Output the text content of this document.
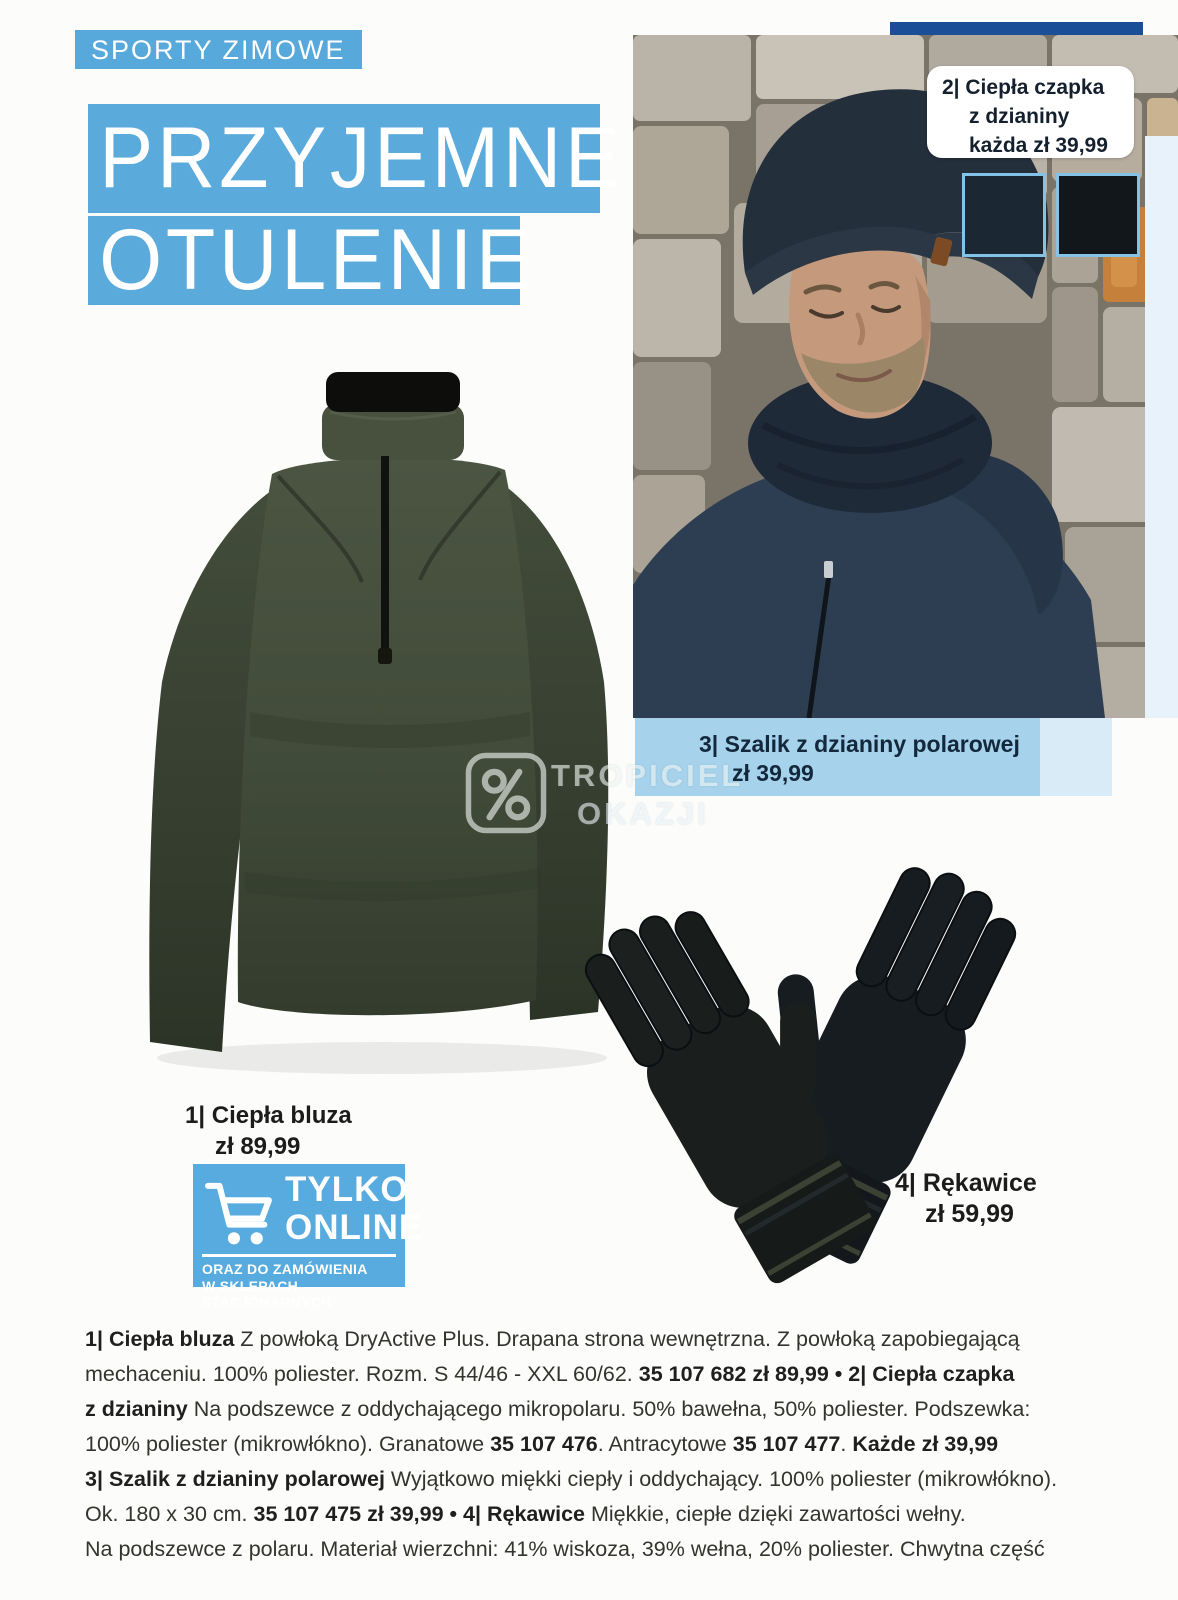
SPORTY ZIMOWE
PRZYJEMNE
OTULENIE
2| Ciepła czapka
z dzianiny
każda zł 39,99
3| Szalik z dzianiny polarowej
zł 39,99
TROPICIEL
OKAZJI
1| Ciepła bluza
zł 89,99
TYLKO
ONLINE
ORAZ DO ZAMÓWIENIA
W SKLEPACH STACJONARNYCH
4| Rękawice
zł 59,99
1| Ciepła bluza Z powłoką DryActive Plus. Drapana strona wewnętrzna. Z powłoką zapobiegającą
mechaceniu. 100% poliester. Rozm. S 44/46 - XXL 60/62. 35 107 682 zł 89,99 • 2| Ciepła czapka
z dzianiny Na podszewce z oddychającego mikropolaru. 50% bawełna, 50% poliester. Podszewka:
100% poliester (mikrowłókno). Granatowe 35 107 476. Antracytowe 35 107 477. Każde zł 39,99
3| Szalik z dzianiny polarowej Wyjątkowo miękki ciepły i oddychający. 100% poliester (mikrowłókno).
Ok. 180 x 30 cm. 35 107 475 zł 39,99 • 4| Rękawice Miękkie, ciepłe dzięki zawartości wełny.
Na podszewce z polaru. Materiał wierzchni: 41% wiskoza, 39% wełna, 20% poliester. Chwytna część
